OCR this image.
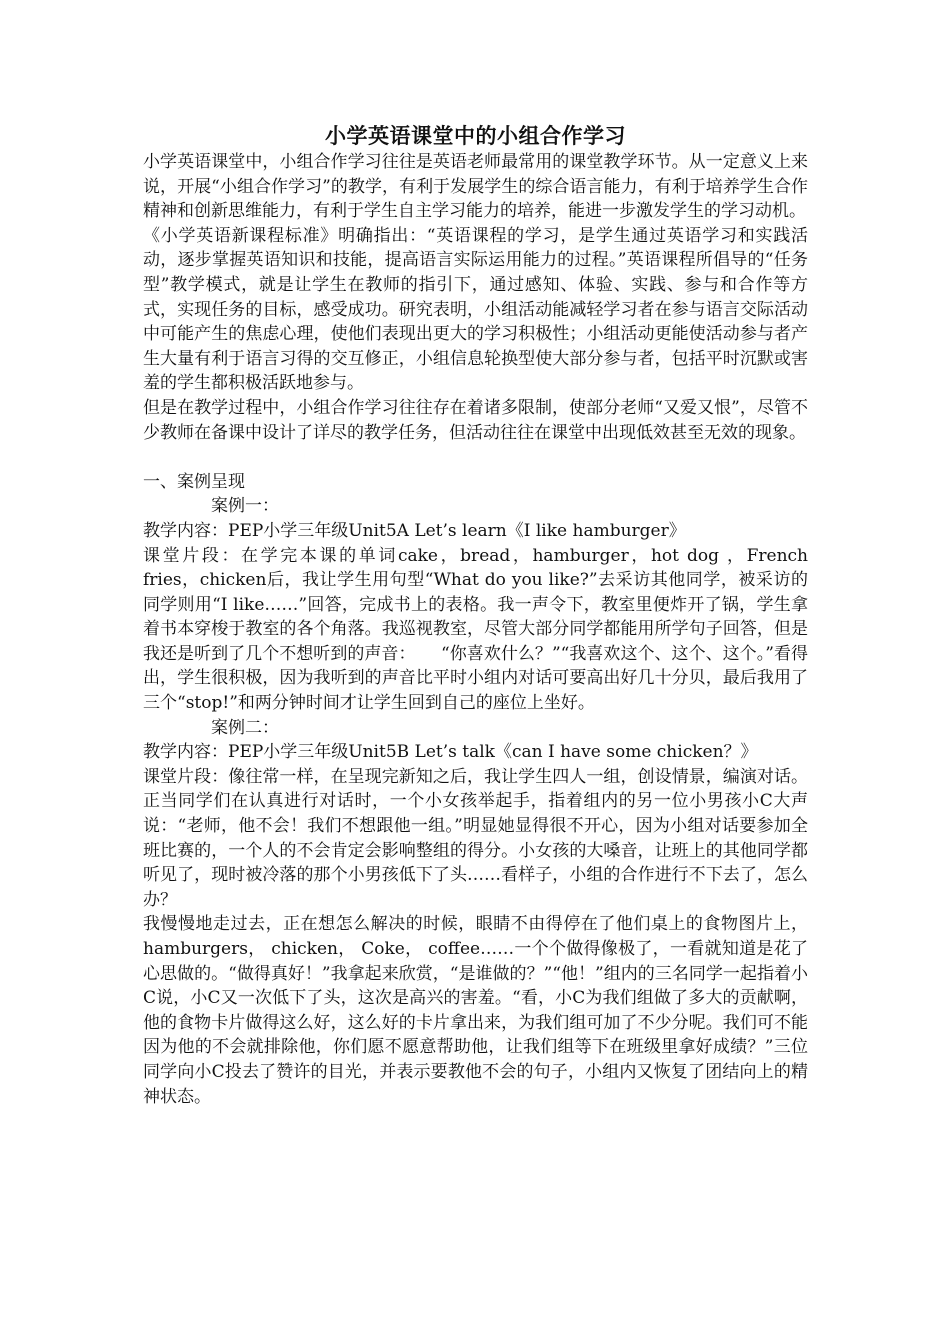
小学英语课堂中的小组合作学习

小学英语课堂中，小组合作学习往往是英语老师最常用的课堂教学环节。从一定意义上来说，开展“小组合作学习”的教学，有利于发展学生的综合语言能力，有利于培养学生合作精神和创新思维能力，有利于学生自主学习能力的培养，能进一步激发学生的学习动机。

《小学英语新课程标准》明确指出：“英语课程的学习，是学生通过英语学习和实践活动，逐步掌握英语知识和技能，提高语言实际运用能力的过程。”英语课程所倡导的“任务型”教学模式，就是让学生在教师的指引下，通过感知、体验、实践、参与和合作等方式，实现任务的目标，感受成功。研究表明，小组活动能减轻学习者在参与语言交际活动中可能产生的焦虑心理，使他们表现出更大的学习积极性；小组活动更能使活动参与者产生大量有利于语言习得的交互修正，小组信息轮换型使大部分参与者，包括平时沉默或害羞的学生都积极活跃地参与。

但是在教学过程中，小组合作学习往往存在着诸多限制，使部分老师“又爱又恨”，尽管不少教师在备课中设计了详尽的教学任务，但活动往往在课堂中出现低效甚至无效的现象。

一、案例呈现

案例一：

教学内容：PEP小学三年级Unit5A Let’s learn《I like hamburger》

课堂片段：在学完本课的单词cake，bread，hamburger，hot dog ，French fries，chicken后，我让学生用句型“What do you like?”去采访其他同学，被采访的同学则用“I like……”回答，完成书上的表格。我一声令下，教室里便炸开了锅，学生拿着书本穿梭于教室的各个角落。我巡视教室，尽管大部分同学都能用所学句子回答，但是我还是听到了几个不想听到的声音：　　“你喜欢什么？”“我喜欢这个、这个、这个。”看得出，学生很积极，因为我听到的声音比平时小组内对话可要高出好几十分贝，最后我用了三个“stop!”和两分钟时间才让学生回到自己的座位上坐好。

案例二：

教学内容：PEP小学三年级Unit5B Let’s talk《can I have some chicken？》

课堂片段：像往常一样，在呈现完新知之后，我让学生四人一组，创设情景，编演对话。正当同学们在认真进行对话时，一个小女孩举起手，指着组内的另一位小男孩小C大声说：“老师，他不会！我们不想跟他一组。”明显她显得很不开心，因为小组对话要参加全班比赛的，一个人的不会肯定会影响整组的得分。小女孩的大嗓音，让班上的其他同学都听见了，现时被冷落的那个小男孩低下了头……看样子，小组的合作进行不下去了，怎么办？

我慢慢地走过去，正在想怎么解决的时候，眼睛不由得停在了他们桌上的食物图片上，hamburgers， chicken， Coke， coffee……一个个做得像极了，一看就知道是花了心思做的。“做得真好！”我拿起来欣赏，“是谁做的？”“他！”组内的三名同学一起指着小C说，小C又一次低下了头，这次是高兴的害羞。“看，小C为我们组做了多大的贡献啊，他的食物卡片做得这么好，这么好的卡片拿出来，为我们组可加了不少分呢。我们可不能因为他的不会就排除他，你们愿不愿意帮助他，让我们组等下在班级里拿好成绩？”三位同学向小C投去了赞许的目光，并表示要教他不会的句子，小组内又恢复了团结向上的精神状态。
